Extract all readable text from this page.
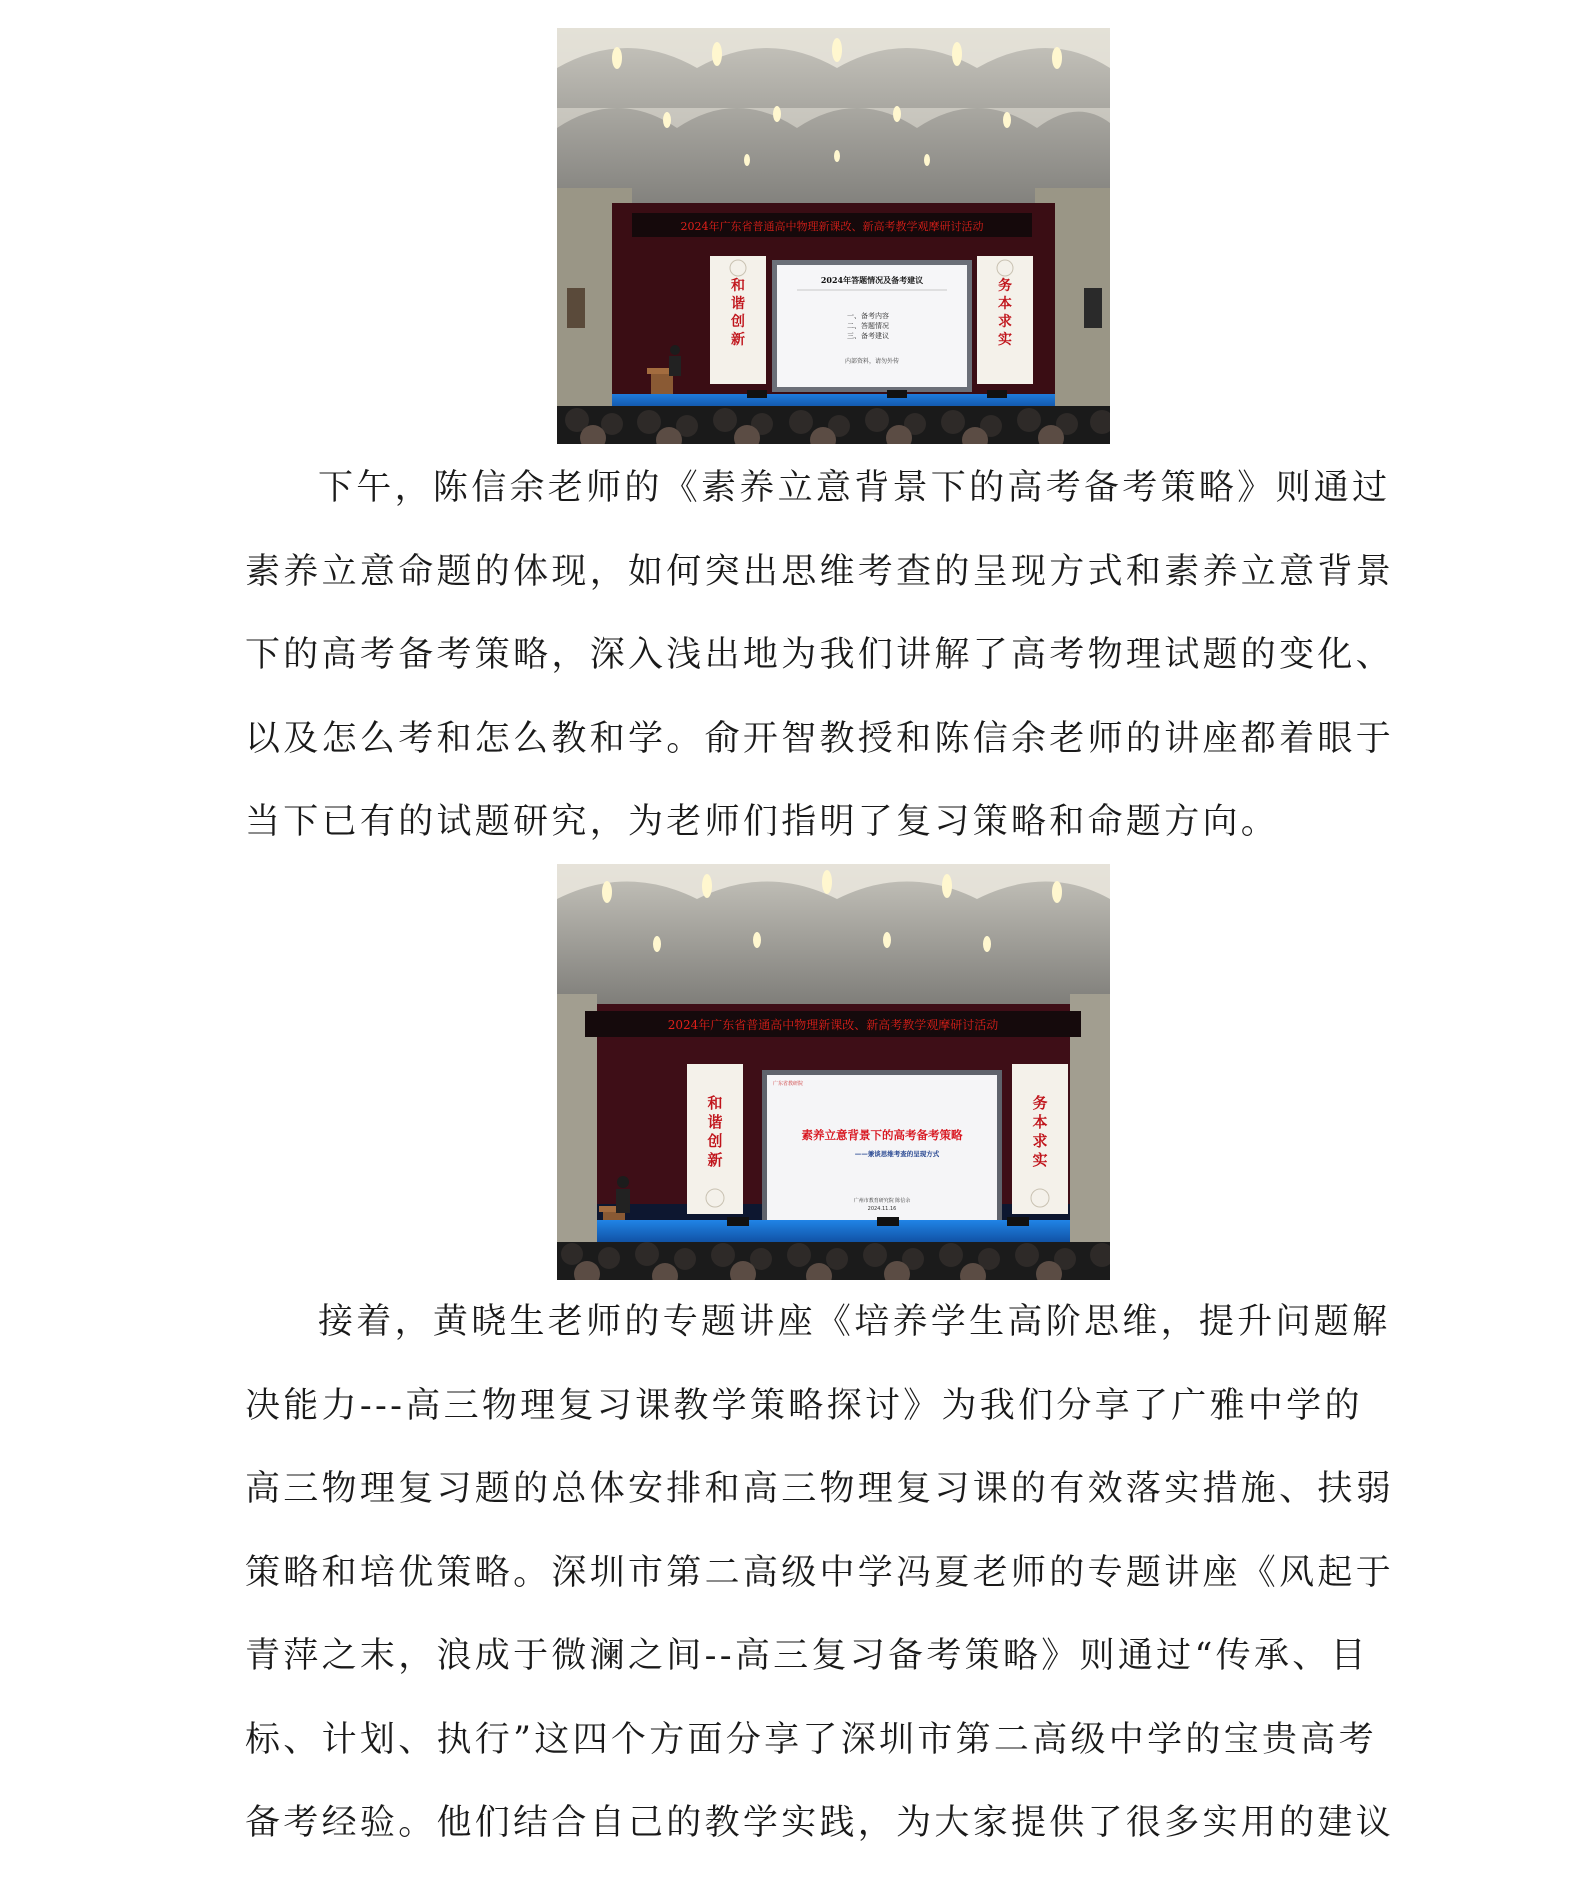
2024年广东省普通高中物理新课改、新高考教学观摩研讨活动
和
谐
创
新
务
本
求
实
2024年答题情况及备考建议
一、备考内容
二、答题情况
三、备考建议
内部资料，请勿外传
下午，陈信余老师的《素养立意背景下的高考备考策略》则通过
素养立意命题的体现，如何突出思维考查的呈现方式和素养立意背景
下的高考备考策略，深入浅出地为我们讲解了高考物理试题的变化、
以及怎么考和怎么教和学。俞开智教授和陈信余老师的讲座都着眼于
当下已有的试题研究，为老师们指明了复习策略和命题方向。
2024年广东省普通高中物理新课改、新高考教学观摩研讨活动
和
谐
创
新
务
本
求
实
广东省教研院
素养立意背景下的高考备考策略
——兼谈思维考查的呈现方式
广州市教育研究院 陈信余
2024.11.16
接着，黄晓生老师的专题讲座《培养学生高阶思维，提升问题解
决能力---高三物理复习课教学策略探讨》为我们分享了广雅中学的
高三物理复习题的总体安排和高三物理复习课的有效落实措施、扶弱
策略和培优策略。深圳市第二高级中学冯夏老师的专题讲座《风起于
青萍之末，浪成于微澜之间--高三复习备考策略》则通过“传承、目
标、计划、执行”这四个方面分享了深圳市第二高级中学的宝贵高考
备考经验。他们结合自己的教学实践，为大家提供了很多实用的建议
